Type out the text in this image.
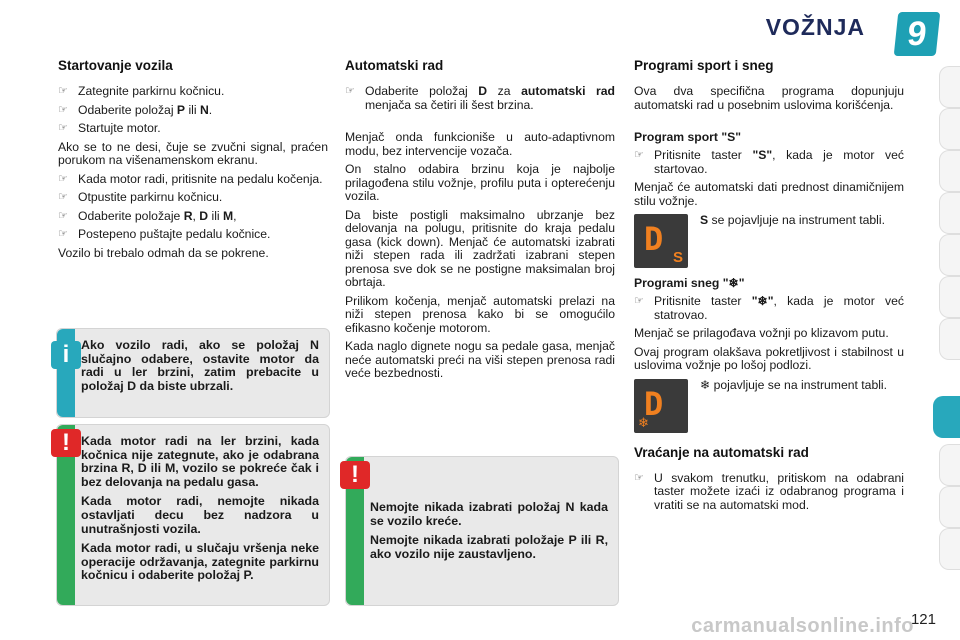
VOŽNJA	9
Startovanje vozila
☞ Zategnite parkirnu kočnicu.
☞ Odaberite položaj P ili N.
☞ Startujte motor.

Ako se to ne desi, čuje se zvučni signal, praćen porukom na višenamenskom ekranu.

☞ Kada motor radi, pritisnite na pedalu kočenja.
☞ Otpustite parkirnu kočnicu.
☞ Odaberite položaje R, D ili M,
☞ Postepeno puštajte pedalu kočnice.

Vozilo bi trebalo odmah da se pokrene.

i Ako vozilo radi, ako se položaj N slučajno odabere, ostavite motor da radi u ler brzini, zatim prebacite u položaj D da biste ubrzali.
! Kada motor radi na ler brzini, kada kočnica nije zategnute, ako je odabrana brzina R, D ili M, vozilo se pokreće čak i bez delovanja na pedalu gasa.

Kada motor radi, nemojte nikada ostavljati decu bez nadzora u unutrašnjosti vozila.

Kada motor radi, u slučaju vršenja neke operacije održavanja, zategnite parkirnu kočnicu i odaberite položaj P.

Automatski rad
☞ Odaberite položaj D za automatski rad menjača sa četiri ili šest brzina.

Menjač onda funkcioniše u auto-adaptivnom modu, bez intervencije vozača.

On stalno odabira brzinu koja je najbolje prilagođena stilu vožnje, profilu puta i opterećenju vozila.

Da biste postigli maksimalno ubrzanje bez delovanja na polugu, pritisnite do kraja pedalu gasa (kick down). Menjač će automatski izabrati niži stepen rada ili zadržati izabrani stepen prenosa sve dok se ne postigne maksimalan broj obrtaja.

Prilikom kočenja, menjač automatski prelazi na niži stepen prenosa kako bi se omogućilo efikasno kočenje motorom.

Kada naglo dignete nogu sa pedale gasa, menjač neće automatski preći na viši stepen prenosa radi veće bezbednosti.

!

Nemojte nikada izabrati položaj N kada se vozilo kreće.

Nemojte nikada izabrati položaje P ili R, ako vozilo nije zaustavljeno.

Programi sport i sneg

Ova dva specifična programa dopunjuju automatski rad u posebnim uslovima korišćenja.

Program sport "S"
☞ Pritisnite taster "S", kada je motor već startovao.

Menjač će automatski dati prednost dinamičnijem stilu vožnje.

D S
S se pojavljuje na instrument tabli.
Programi sneg "❄"
☞ Pritisnite taster "❄", kada je motor već statrovao.

Menjač se prilagođava vožnji po klizavom putu.

Ovaj program olakšava pokretljivost i stabilnost u uslovima vožnje po lošoj podlozi.

D
❄
❄ pojavljuje se na instrument tabli.
Vraćanje na automatski rad
☞ U svakom trenutku, pritiskom na odabrani taster možete izaći iz odabranog programa i vratiti se na automatski mod.
carmanualsonline.info
121
